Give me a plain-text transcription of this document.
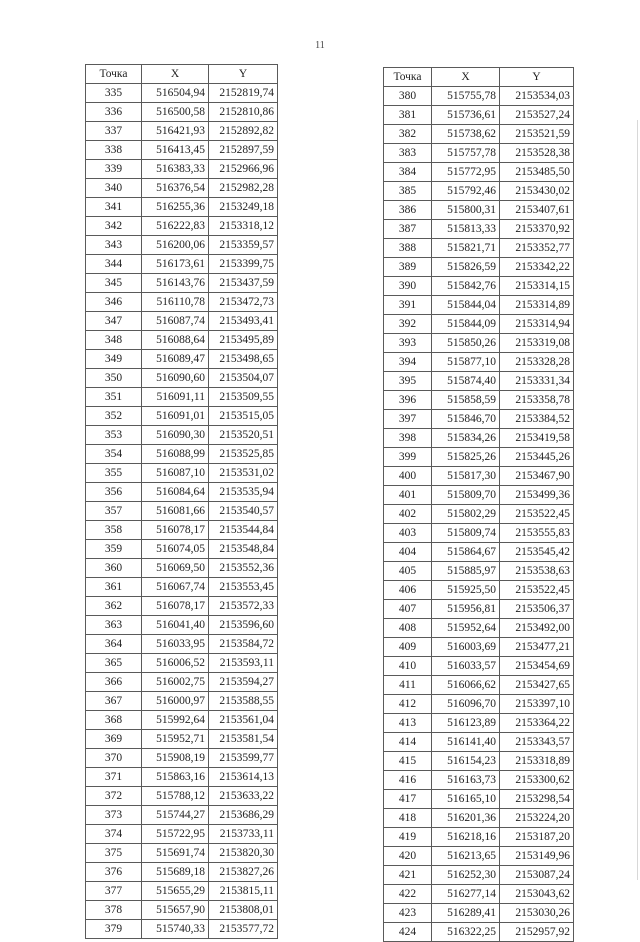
11
Точка	X	Y
335	516504,94	2152819,74
336	516500,58	2152810,86
337	516421,93	2152892,82
338	516413,45	2152897,59
339	516383,33	2152966,96
340	516376,54	2152982,28
341	516255,36	2153249,18
342	516222,83	2153318,12
343	516200,06	2153359,57
344	516173,61	2153399,75
345	516143,76	2153437,59
346	516110,78	2153472,73
347	516087,74	2153493,41
348	516088,64	2153495,89
349	516089,47	2153498,65
350	516090,60	2153504,07
351	516091,11	2153509,55
352	516091,01	2153515,05
353	516090,30	2153520,51
354	516088,99	2153525,85
355	516087,10	2153531,02
356	516084,64	2153535,94
357	516081,66	2153540,57
358	516078,17	2153544,84
359	516074,05	2153548,84
360	516069,50	2153552,36
361	516067,74	2153553,45
362	516078,17	2153572,33
363	516041,40	2153596,60
364	516033,95	2153584,72
365	516006,52	2153593,11
366	516002,75	2153594,27
367	516000,97	2153588,55
368	515992,64	2153561,04
369	515952,71	2153581,54
370	515908,19	2153599,77
371	515863,16	2153614,13
372	515788,12	2153633,22
373	515744,27	2153686,29
374	515722,95	2153733,11
375	515691,74	2153820,30
376	515689,18	2153827,26
377	515655,29	2153815,11
378	515657,90	2153808,01
379	515740,33	2153577,72
Точка	X	Y
380	515755,78	2153534,03
381	515736,61	2153527,24
382	515738,62	2153521,59
383	515757,78	2153528,38
384	515772,95	2153485,50
385	515792,46	2153430,02
386	515800,31	2153407,61
387	515813,33	2153370,92
388	515821,71	2153352,77
389	515826,59	2153342,22
390	515842,76	2153314,15
391	515844,04	2153314,89
392	515844,09	2153314,94
393	515850,26	2153319,08
394	515877,10	2153328,28
395	515874,40	2153331,34
396	515858,59	2153358,78
397	515846,70	2153384,52
398	515834,26	2153419,58
399	515825,26	2153445,26
400	515817,30	2153467,90
401	515809,70	2153499,36
402	515802,29	2153522,45
403	515809,74	2153555,83
404	515864,67	2153545,42
405	515885,97	2153538,63
406	515925,50	2153522,45
407	515956,81	2153506,37
408	515952,64	2153492,00
409	516003,69	2153477,21
410	516033,57	2153454,69
411	516066,62	2153427,65
412	516096,70	2153397,10
413	516123,89	2153364,22
414	516141,40	2153343,57
415	516154,23	2153318,89
416	516163,73	2153300,62
417	516165,10	2153298,54
418	516201,36	2153224,20
419	516218,16	2153187,20
420	516213,65	2153149,96
421	516252,30	2153087,24
422	516277,14	2153043,62
423	516289,41	2153030,26
424	516322,25	2152957,92
